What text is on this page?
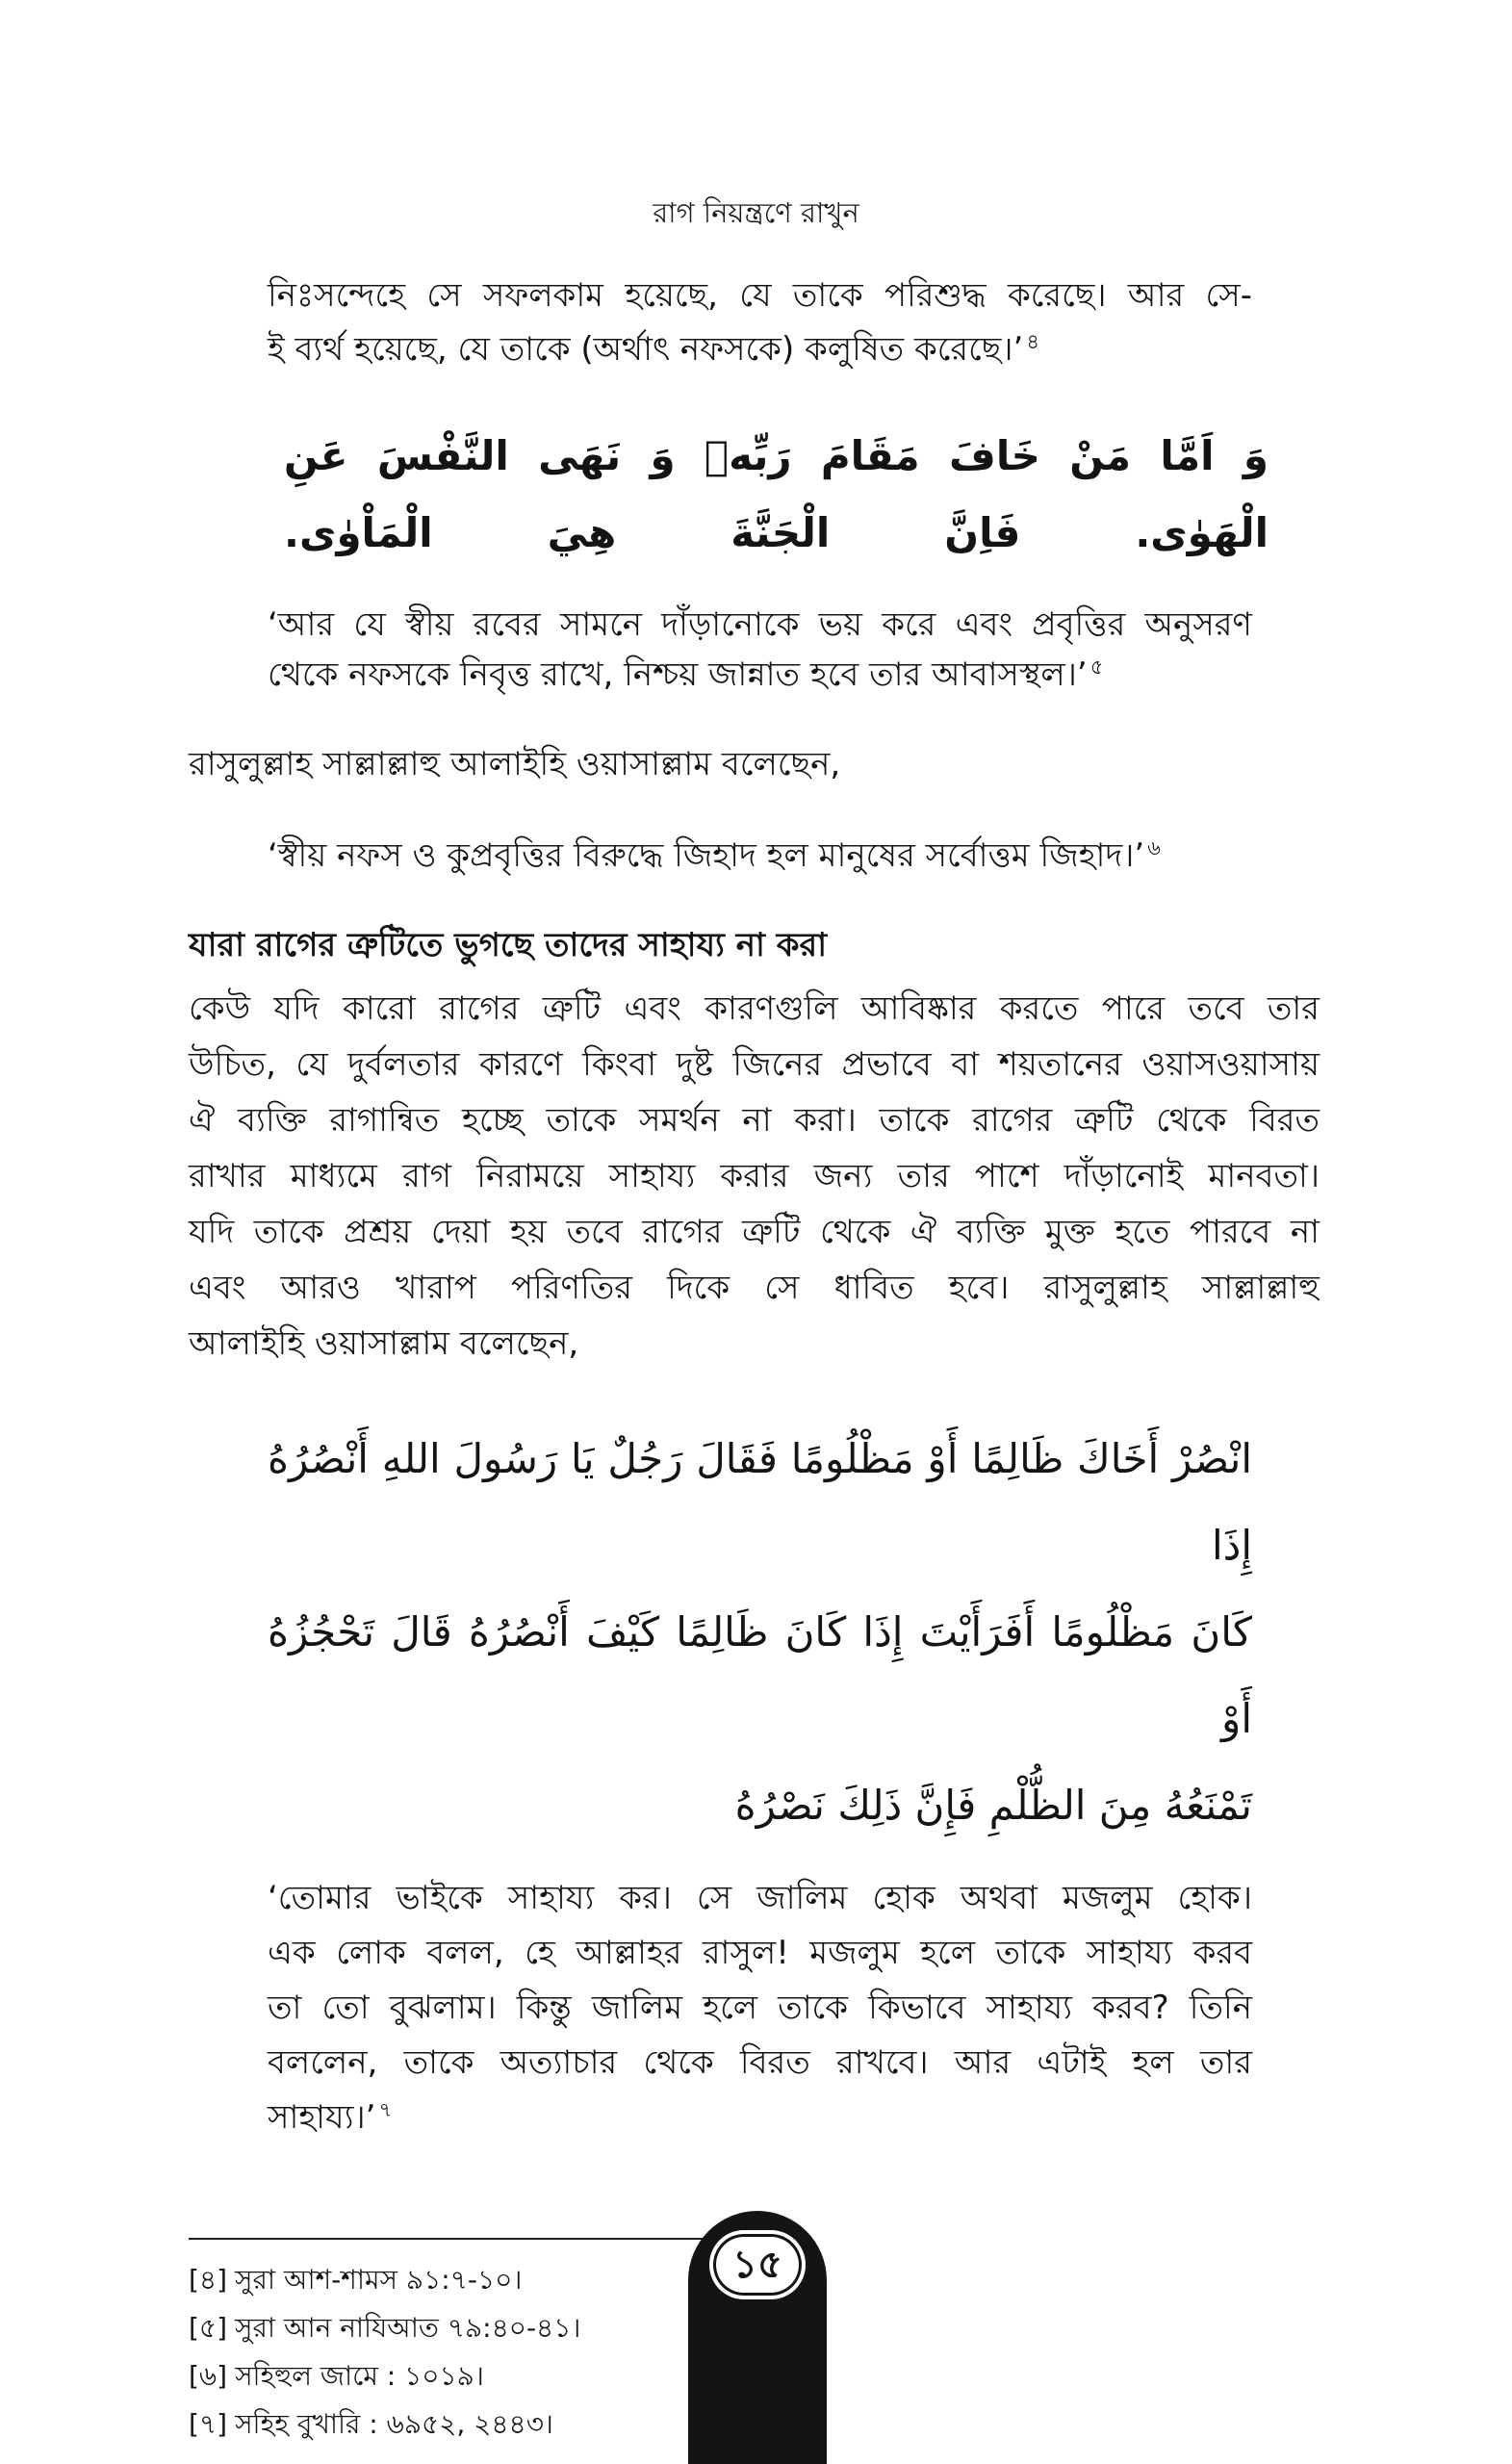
রাগ নিয়ন্ত্রণে রাখুন
নিঃসন্দেহে সে সফলকাম হয়েছে, যে তাকে পরিশুদ্ধ করেছে। আর সে-
ই ব্যর্থ হয়েছে, যে তাকে (অর্থাৎ নফসকে) কলুষিত করেছে।’ $^৪$
وَ اَمَّا مَنْ خَافَ مَقَامَ رَبِّهٖ وَ نَهَى النَّفْسَ عَنِ الْهَوٰى. فَاِنَّ الْجَنَّةَ هِيَ الْمَاْوٰى.
‘আর যে স্বীয় রবের সামনে দাঁড়ানোকে ভয় করে এবং প্রবৃত্তির অনুসরণ
থেকে নফসকে নিবৃত্ত রাখে, নিশ্চয় জান্নাত হবে তার আবাসস্থল।’ $^৫$
রাসুলুল্লাহ সাল্লাল্লাহু আলাইহি ওয়াসাল্লাম বলেছেন,
‘স্বীয় নফস ও কুপ্রবৃত্তির বিরুদ্ধে জিহাদ হল মানুষের সর্বোত্তম জিহাদ।’ $^৬$
যারা রাগের ত্রুটিতে ভুগছে তাদের সাহায্য না করা
কেউ যদি কারো রাগের ত্রুটি এবং কারণগুলি আবিষ্কার করতে পারে তবে তার
উচিত, যে দুর্বলতার কারণে কিংবা দুষ্ট জিনের প্রভাবে বা শয়তানের ওয়াসওয়াসায়
ঐ ব্যক্তি রাগান্বিত হচ্ছে তাকে সমর্থন না করা। তাকে রাগের ত্রুটি থেকে বিরত
রাখার মাধ্যমে রাগ নিরাময়ে সাহায্য করার জন্য তার পাশে দাঁড়ানোই মানবতা।
যদি তাকে প্রশ্রয় দেয়া হয় তবে রাগের ত্রুটি থেকে ঐ ব্যক্তি মুক্ত হতে পারবে না
এবং আরও খারাপ পরিণতির দিকে সে ধাবিত হবে। রাসুলুল্লাহ সাল্লাল্লাহু
আলাইহি ওয়াসাল্লাম বলেছেন,
انْصُرْ أَخَاكَ ظَالِمًا أَوْ مَظْلُومًا فَقَالَ رَجُلٌ يَا رَسُولَ اللهِ أَنْصُرُهُ إِذَا
كَانَ مَظْلُومًا أَفَرَأَيْتَ إِذَا كَانَ ظَالِمًا كَيْفَ أَنْصُرُهُ قَالَ تَحْجُزُهُ أَوْ
تَمْنَعُهُ مِنَ الظُّلْمِ فَإِنَّ ذَلِكَ نَصْرُهُ
‘তোমার ভাইকে সাহায্য কর। সে জালিম হোক অথবা মজলুম হোক।
এক লোক বলল, হে আল্লাহর রাসুল! মজলুম হলে তাকে সাহায্য করব
তা তো বুঝলাম। কিন্তু জালিম হলে তাকে কিভাবে সাহায্য করব? তিনি
বললেন, তাকে অত্যাচার থেকে বিরত রাখবে। আর এটাই হল তার
সাহায্য।’ $^৭$
[৪] সুরা আশ-শামস ৯১:৭-১০।
[৫] সুরা আন নাযিআত ৭৯:৪০-৪১।
[৬] সহিহুল জামে : ১০১৯।
[৭] সহিহ বুখারি : ৬৯৫২, ২৪৪৩।
১৫
